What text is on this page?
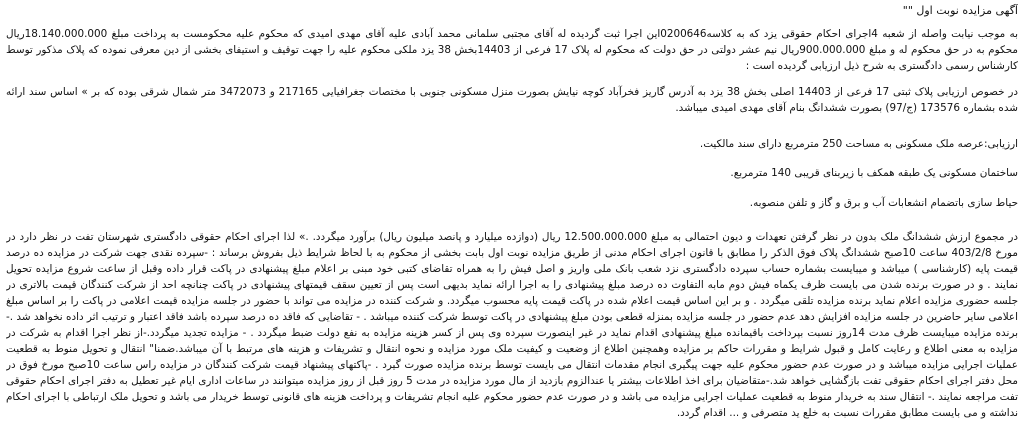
آگهی مزایده نوبت اول ""

به موجب نیابت واصله از شعبه 4اجرای احکام حقوقی یزد که به کلاسه0200646این اجرا ثبت گردیده له آقای مجتبی سلمانی محمد آبادی علیه آقای مهدی امیدی که محکوم علیه محکومست به پرداخت مبلغ 18.140.000.000ریال محکوم به در حق محکوم له و مبلغ 900.000.000ریال نیم عشر دولتی در حق دولت که محکوم له پلاک 17 فرعی از 14403بخش 38 یزد ملکی محکوم علیه را جهت توقیف و استیفای بخشی از دین معرفی نموده که پلاک مذکور توسط کارشناس رسمی دادگستری به شرح ذیل ارزیابی گردیده است :

در خصوص ارزیابی پلاک ثبتی 17 فرعی از 14403 اصلی بخش 38 یزد به آدرس گاریز فخرآباد کوچه نیایش بصورت منزل مسکونی جنوبی با مختصات جغرافیایی 217165 و 3472073 متر شمال شرقی بوده که بر » اساس سند ارائه شده بشماره 173576 (ج/97) بصورت ششدانگ بنام آقای مهدی امیدی میباشد.

ارزیابی:عرصه ملک مسکونی به مساحت 250 مترمربع دارای سند مالکیت.

ساختمان مسکونی یک طبقه همکف با زیربنای قریبی 140 مترمربع.

حیاط سازی باتضمام انشعابات آب و برق و گاز و تلفن منصوبه.

در مجموع ارزش ششدانگ ملک بدون در نظر گرفتن تعهدات و دیون احتمالی به مبلغ 12.500.000.000 ریال (دوازده میلیارد و پانصد میلیون ریال) برآورد میگردد. .» لذا اجرای احکام حقوقی دادگستری شهرستان تفت در نظر دارد در مورخ 403/2/8 ساعت 10صبح ششدانگ پلاک فوق الذکر را مطابق با قانون اجرای احکام مدنی از طریق مزایده نوبت اول بابت بخشی از محکوم به با لحاظ شرایط ذیل بفروش برساند : -سپرده نقدی جهت شرکت در مزایده ده درصد قیمت پایه (کارشناسی ) میباشد و میبایست بشماره حساب سپرده دادگستری نزد شعب بانک ملی واریز و اصل فیش را به همراه تقاضای کتبی خود مبنی بر اعلام مبلغ پیشنهادی در پاکت قرار داده وقبل از ساعت شروع مزایده تحویل نمایند . و در صورت برنده شدن می بایست ظرف یکماه فیش دوم مابه التفاوت ده درصد مبلغ پیشنهادی را به اجرا ارائه نماید بدیهی است پس از تعیین سقف قیمتهای پیشنهادی در پاکت چنانچه احد از شرکت کنندگان قیمت بالاتری در جلسه حضوری مزایده اعلام نماید برنده مزایده تلقی میگردد . و بر این اساس قیمت اعلام شده در پاکت قیمت پایه محسوب میگردد. و شرکت کننده در مزایده می تواند با حضور در جلسه مزایده قیمت اعلامی در پاکت را بر اساس مبلغ اعلامی سایر حاضرین در جلسه مزایده افزایش دهد عدم حضور در جلسه مزایده بمنزله قطعی بودن مبلغ پیشنهادی در پاکت توسط شرکت کننده میباشد . - تقاضایی که فاقد ده درصد سپرده باشد فاقد اعتبار و ترتیب اثر داده نخواهد شد .-برنده مزایده میبایست ظرف مدت 14روز نسبت بپرداخت باقیمانده مبلغ پیشنهادی اقدام نماید در غیر اینصورت سپرده وی پس از کسر هزینه مزایده به نفع دولت ضبط میگردد . - مزایده تجدید میگردد.-از نظر اجرا اقدام به شرکت در مزایده به معنی اطلاع و رعایت کامل و قبول شرایط و مقررات حاکم بر مزایده وهمچنین اطلاع از وضعیت و کیفیت ملک مورد مزایده و نحوه انتقال و تشریفات و هزینه های مرتبط با آن میباشد.ضمنا" انتقال و تحویل منوط به قطعیت عملیات اجرایی مزایده میباشد و در صورت عدم حضور محکوم علیه جهت پیگیری انجام مقدمات انتقال می بایست توسط برنده مزایده صورت گیرد . -پاکتهای پیشنهاد قیمت شرکت کنندگان در مزایده راس ساعت 10صبح مورخ فوق در محل دفتر اجرای احکام حقوقی تفت بازگشایی خواهد شد.-متقاضیان برای اخذ اطلاعات بیشتر یا عندالزوم بازدید از مال مورد مزایده در مدت 5 روز قبل از روز مزایده میتوانند در ساعات اداری ایام غیر تعطیل به دفتر اجرای احکام حقوقی تفت مراجعه نمایند .- انتقال سند به خریدار منوط به قطعیت عملیات اجرایی مزایده می باشد و در صورت عدم حضور محکوم علیه انجام تشریفات و پرداخت هزینه های قانونی توسط خریدار می باشد و تحویل ملک ارتباطی با اجرای احکام نداشته و می بایست مطابق مقررات نسبت به خلع ید متصرفی و ... اقدام گردد.
